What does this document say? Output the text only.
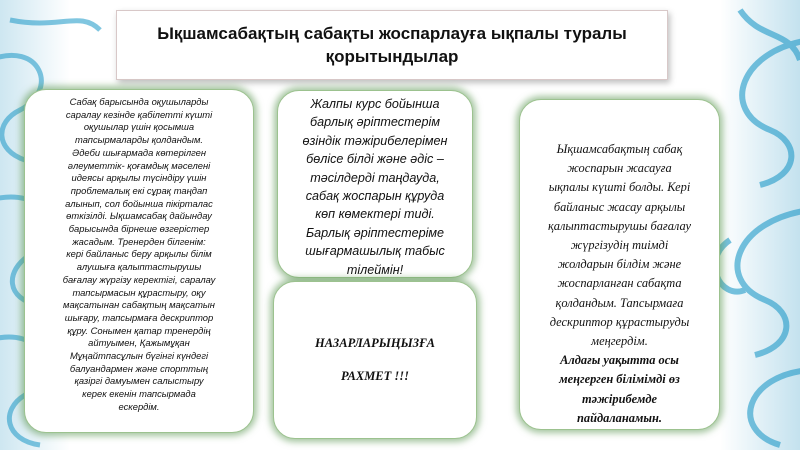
Ықшамсабақтың сабақты жоспарлауға ықпалы туралы
қорытындылар
Сабақ барысында оқушыларды
саралау кезінде қабілетті күшті
оқушылар үшін қосымша
тапсырмаларды қолдандым.
Әдеби шығармада көтерілген
әлеуметтік- қоғамдық мәселені
идеясы арқылы түсіндіру үшін
проблемалық екі сұрақ таңдап
алынып, сол бойынша пікірталас
өткізілді. Ықшамсабақ дайындау
барысында бірнеше өзгерістер
жасадым. Тренерден білгенім:
кері байланыс беру арқылы білім
алушыға қалыптастырушы
бағалау жүргізу керектігі, саралау
тапсырмасын құрастыру, оқу
мақсатынан сабақтың мақсатын
шығару, тапсырмаға дескриптор
құру. Сонымен қатар тренердің
айтуымен, Қажымұқан
Мұңайтпасұлын бүгінгі күндегі
балуандармен және спорттың
қазіргі дамуымен салыстыру
керек екенін тапсырмада
ескердім.
Жалпы курс бойынша
барлық әріптестерім
өзіндік тәжірибелерімен
бөлісе білді және әдіс –
тәсілдерді таңдауда,
сабақ жоспарын құруда
көп көмектері тиді.
Барлық әріптестеріме
шығармашылық табыс
тілеймін!

НАЗАРЛАРЫҢЫЗҒА

РАХМЕТ !!!

Ықшамсабақтың сабақ
жоспарын жасауға
ықпалы күшті болды. Кері
байланыс жасау арқылы
қалыптастырушы бағалау
жүргізудің тиімді
жолдарын білдім және
жоспарланған сабақта
қолдандым. Тапсырмаға
дескриптор құрастыруды
меңгердім.
Алдағы уақытта осы
меңгерген білімімді өз
тәжірибемде
пайдаланамын.
